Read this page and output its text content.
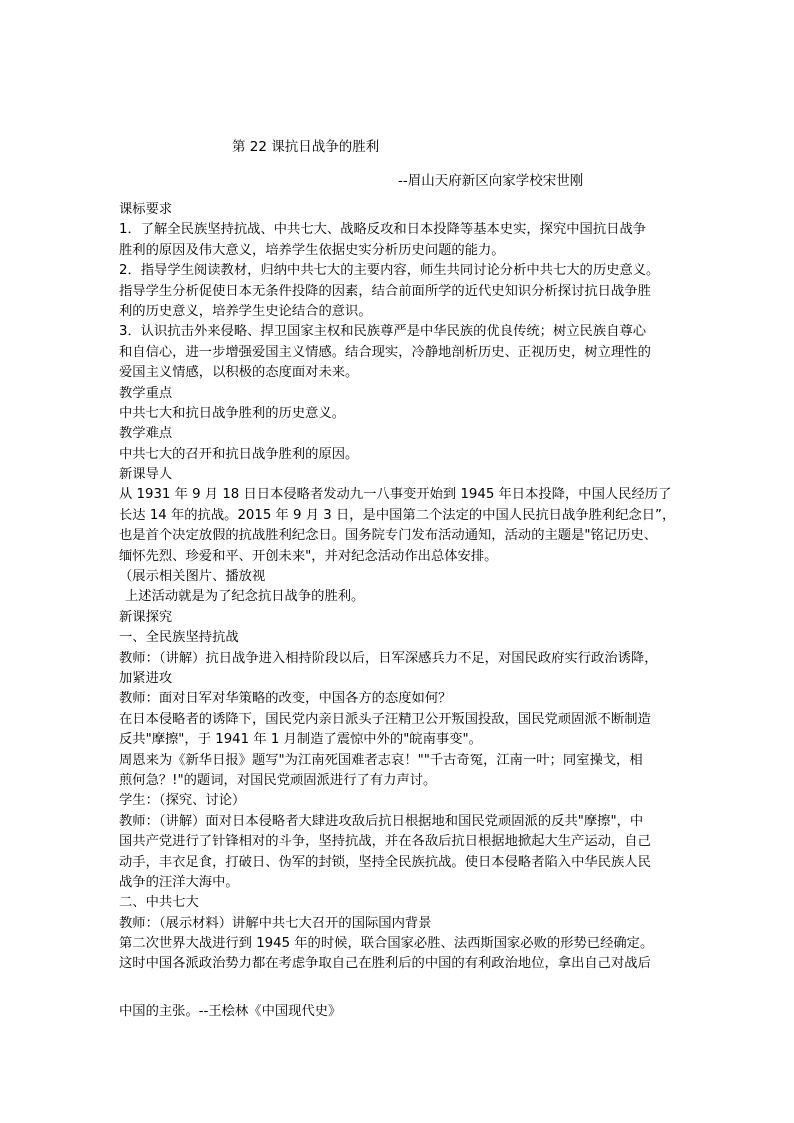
第 22 课抗日战争的胜利
--眉山天府新区向家学校宋世刚
课标要求
1．了解全民族坚持抗战、中共七大、战略反攻和日本投降等基本史实，探究中国抗日战争
胜利的原因及伟大意义，培养学生依据史实分析历史问题的能力。
2．指导学生阅读教材，归纳中共七大的主要内容，师生共同讨论分析中共七大的历史意义。
指导学生分析促使日本无条件投降的因素，结合前面所学的近代史知识分析探讨抗日战争胜
利的历史意义，培养学生史论结合的意识。
3．认识抗击外来侵略、捍卫国家主权和民族尊严是中华民族的优良传统；树立民族自尊心
和自信心，进一步增强爱国主义情感。结合现实，冷静地剖析历史、正视历史，树立理性的
爱国主义情感，以积极的态度面对未来。
教学重点
中共七大和抗日战争胜利的历史意义。
教学难点
中共七大的召开和抗日战争胜利的原因。
新课导人
从 1931 年 9 月 18 日日本侵略者发动九一八事变开始到 1945 年日本投降，中国人民经历了
长达 14 年的抗战。2015 年 9 月 3 日，是中国第二个法定的中国人民抗日战争胜利纪念日”，
也是首个决定放假的抗战胜利纪念日。国务院专门发布活动通知，活动的主题是"铭记历史、
缅怀先烈、珍爱和平、开创未来"，并对纪念活动作出总体安排。
（展示相关图片、播放视
上述活动就是为了纪念抗日战争的胜利。
新课探究
一、全民族坚持抗战
教师：（讲解）抗日战争进入相持阶段以后，日军深感兵力不足，对国民政府实行政治诱降，
加紧进攻
教师：面对日军对华策略的改变，中国各方的态度如何？
在日本侵略者的诱降下，国民党内亲日派头子汪精卫公开叛国投敌，国民党顽固派不断制造
反共"摩擦"，于 1941 年 1 月制造了震惊中外的"皖南事变"。
周恩来为《新华日报》题写"为江南死国难者志哀！""千古奇冤，江南一叶；同室操戈，相
煎何急？!"的题词，对国民党顽固派进行了有力声讨。
学生：（探究、讨论）
教师：（讲解）面对日本侵略者大肆进攻敌后抗日根据地和国民党顽固派的反共"摩擦"，中
国共产党进行了针锋相对的斗争，坚持抗战，并在各敌后抗日根据地掀起大生产运动，自己
动手，丰衣足食，打破日、伪军的封锁，坚持全民族抗战。使日本侵略者陷入中华民族人民
战争的汪洋大海中。
二、中共七大
教师：（展示材料）讲解中共七大召开的国际国内背景
第二次世界大战进行到 1945 年的时候，联合国家必胜、法西斯国家必败的形势已经确定。
这时中国各派政治势力都在考虑争取自己在胜利后的中国的有利政治地位，拿出自己对战后
中国的主张。--王桧林《中国现代史》
